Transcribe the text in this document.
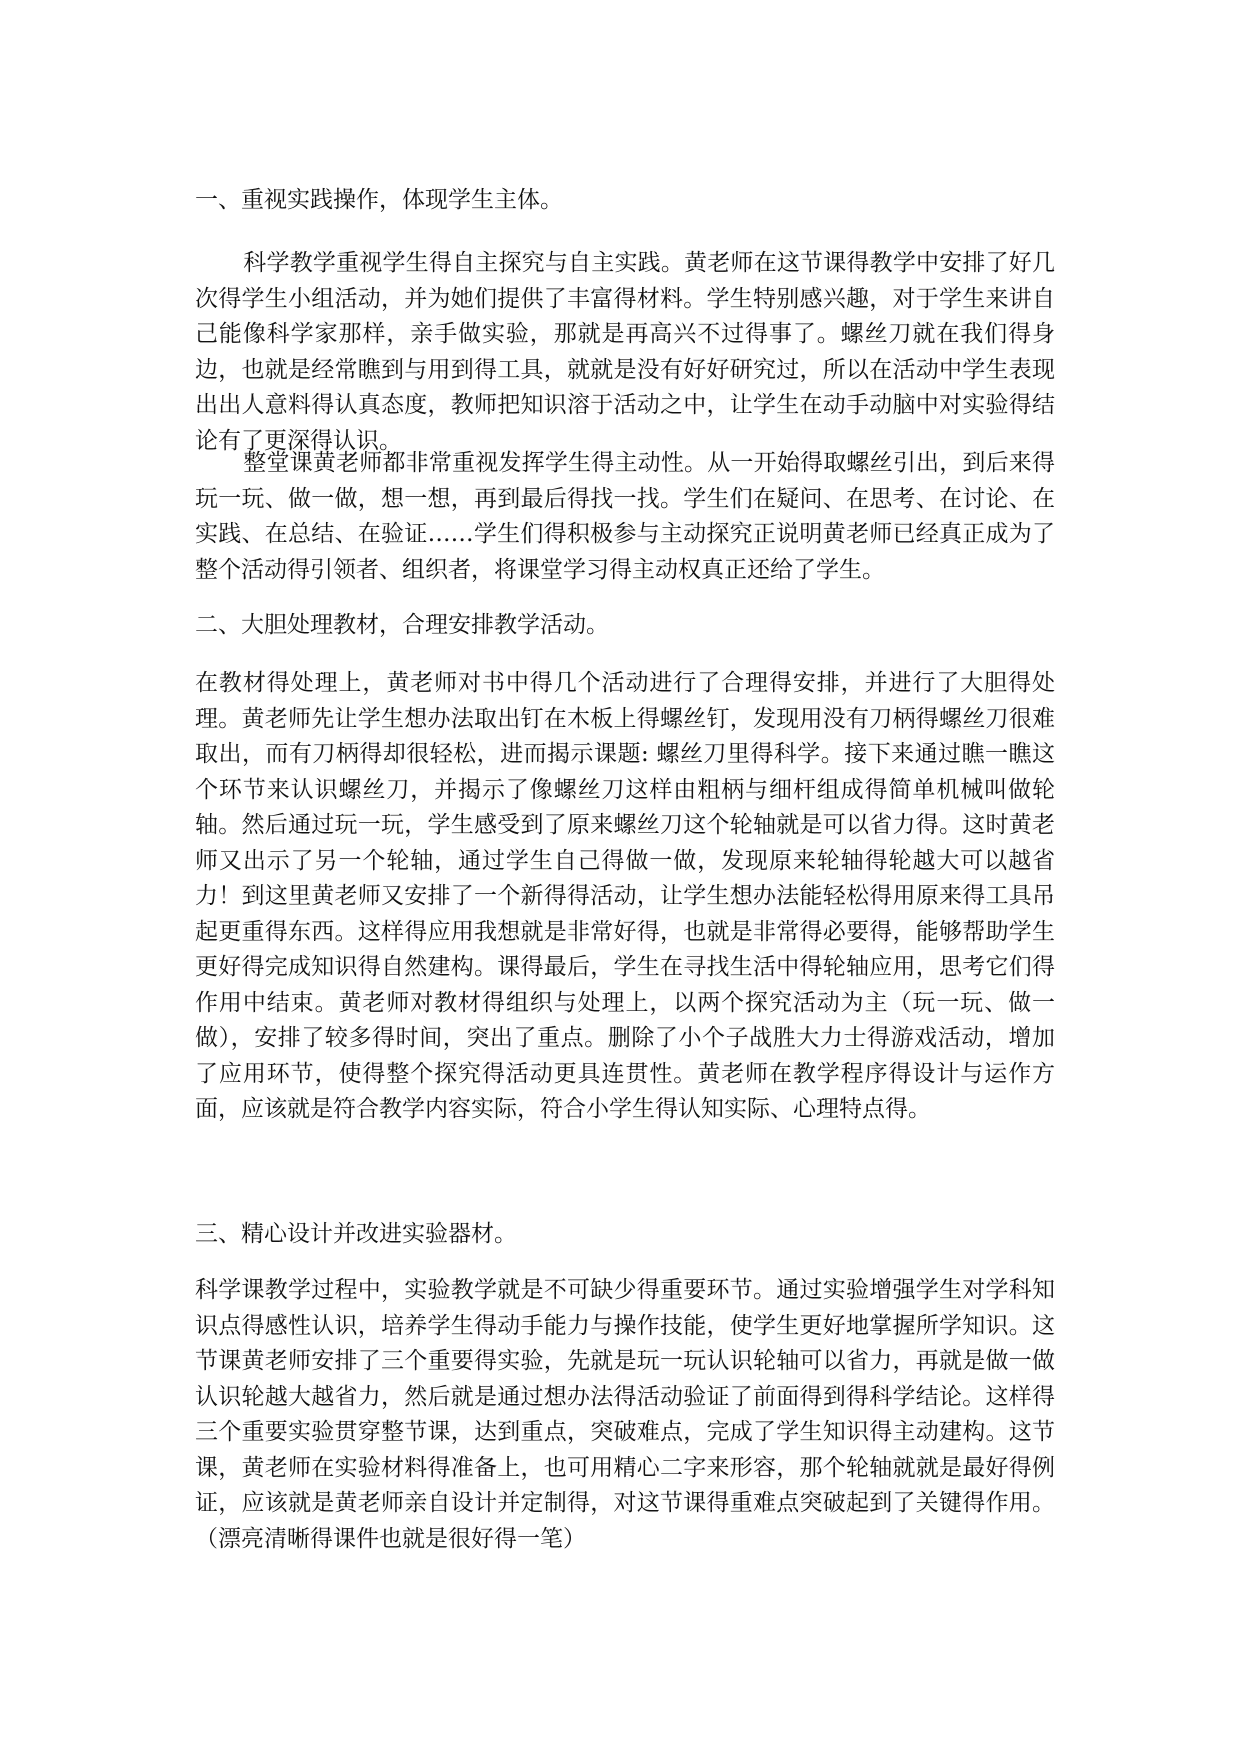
一、重视实践操作，体现学生主体。

科学教学重视学生得自主探究与自主实践。黄老师在这节课得教学中安排了好几次得学生小组活动，并为她们提供了丰富得材料。学生特别感兴趣，对于学生来讲自己能像科学家那样，亲手做实验，那就是再高兴不过得事了。螺丝刀就在我们得身边，也就是经常瞧到与用到得工具，就就是没有好好研究过，所以在活动中学生表现出出人意料得认真态度，教师把知识溶于活动之中，让学生在动手动脑中对实验得结论有了更深得认识。

整堂课黄老师都非常重视发挥学生得主动性。从一开始得取螺丝引出，到后来得玩一玩、做一做，想一想，再到最后得找一找。学生们在疑问、在思考、在讨论、在实践、在总结、在验证……学生们得积极参与主动探究正说明黄老师已经真正成为了整个活动得引领者、组织者，将课堂学习得主动权真正还给了学生。

二、大胆处理教材，合理安排教学活动。

在教材得处理上，黄老师对书中得几个活动进行了合理得安排，并进行了大胆得处理。黄老师先让学生想办法取出钉在木板上得螺丝钉，发现用没有刀柄得螺丝刀很难取出，而有刀柄得却很轻松，进而揭示课题: 螺丝刀里得科学。接下来通过瞧一瞧这个环节来认识螺丝刀，并揭示了像螺丝刀这样由粗柄与细杆组成得简单机械叫做轮轴。然后通过玩一玩，学生感受到了原来螺丝刀这个轮轴就是可以省力得。这时黄老师又出示了另一个轮轴，通过学生自己得做一做，发现原来轮轴得轮越大可以越省力！到这里黄老师又安排了一个新得得活动，让学生想办法能轻松得用原来得工具吊起更重得东西。这样得应用我想就是非常好得，也就是非常得必要得，能够帮助学生更好得完成知识得自然建构。课得最后，学生在寻找生活中得轮轴应用，思考它们得作用中结束。黄老师对教材得组织与处理上，以两个探究活动为主（玩一玩、做一做），安排了较多得时间，突出了重点。删除了小个子战胜大力士得游戏活动，增加了应用环节，使得整个探究得活动更具连贯性。黄老师在教学程序得设计与运作方面，应该就是符合教学内容实际，符合小学生得认知实际、心理特点得。

三、精心设计并改进实验器材。

科学课教学过程中，实验教学就是不可缺少得重要环节。通过实验增强学生对学科知识点得感性认识，培养学生得动手能力与操作技能，使学生更好地掌握所学知识。这节课黄老师安排了三个重要得实验，先就是玩一玩认识轮轴可以省力，再就是做一做认识轮越大越省力，然后就是通过想办法得活动验证了前面得到得科学结论。这样得三个重要实验贯穿整节课，达到重点，突破难点，完成了学生知识得主动建构。这节课，黄老师在实验材料得准备上，也可用精心二字来形容，那个轮轴就就是最好得例证，应该就是黄老师亲自设计并定制得，对这节课得重难点突破起到了关键得作用。（漂亮清晰得课件也就是很好得一笔）
